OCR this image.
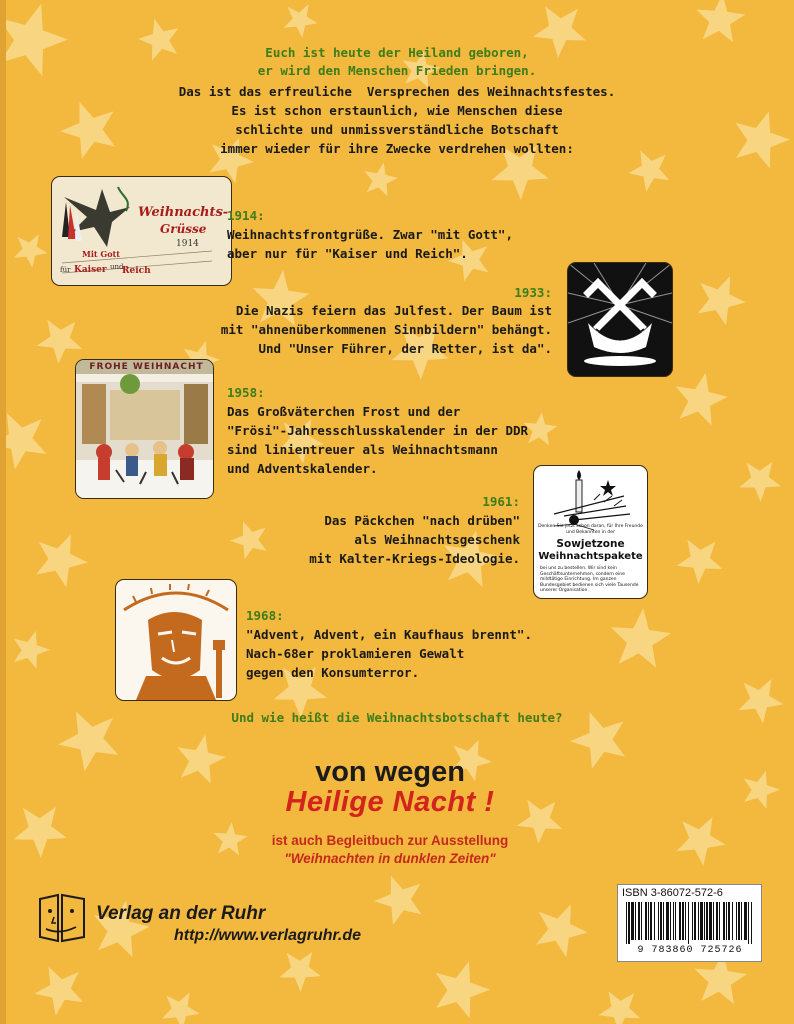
Euch ist heute der Heiland geboren,
er wird den Menschen Frieden bringen.
Das ist das erfreuliche  Versprechen des Weihnachtsfestes.
Es ist schon erstaunlich, wie Menschen diese
schlichte und unmissverständliche Botschaft
immer wieder für ihre Zwecke verdrehen wollten:
Weihnachts-
Grüsse
1914
Mit Gott
für Kaiser und
Reich
1914:
Weihnachtsfrontgrüße. Zwar "mit Gott",
aber nur für "Kaiser und Reich".
1933:
Die Nazis feiern das Julfest. Der Baum ist
mit "ahnenüberkommenen Sinnbildern" behängt.
Und "Unser Führer, der Retter, ist da".
FROHE WEIHNACHT
1958:
Das Großväterchen Frost und der
"Frösi"-Jahresschlusskalender in der DDR
sind linientreuer als Weihnachtsmann
und Adventskalender.
Denken Sie jetzt schon daran, für Ihre Freunde und Bekannten in der
Sowjetzone
Weihnachtspakete
bei uns zu bestellen. Wir sind kein Geschäftsunternehmen, sondern eine mildtätige Einrichtung. Im ganzen Bundesgebiet bedienen sich viele Tausende unserer Organisation.
1961:
Das Päckchen "nach drüben"
als Weihnachtsgeschenk
mit Kalter-Kriegs-Ideologie.
1968:
"Advent, Advent, ein Kaufhaus brennt".
Nach-68er proklamieren Gewalt
gegen den Konsumterror.
Und wie heißt die Weihnachtsbotschaft heute?
von wegen
Heilige Nacht !
ist auch Begleitbuch zur Ausstellung
"Weihnachten in dunklen Zeiten"
Verlag an der Ruhr
http://www.verlagruhr.de
ISBN 3-86072-572-6
9 783860 725726
